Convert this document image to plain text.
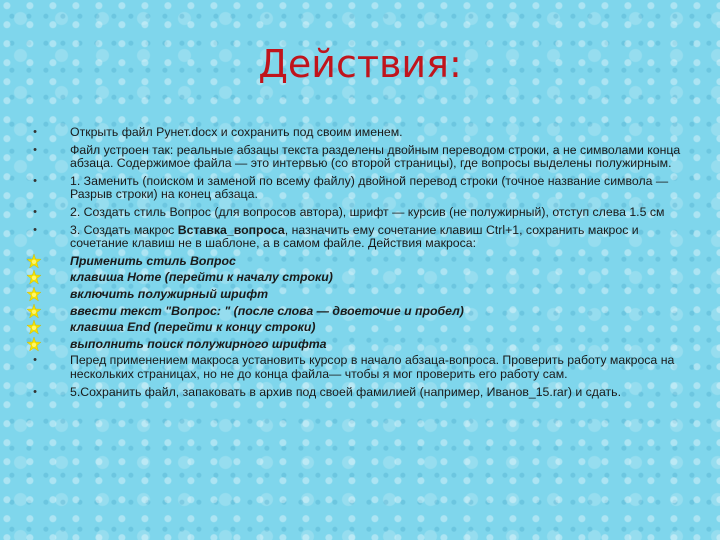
Действия:
•	Открыть файл Рунет.docx и сохранить под своим именем.
•	Файл устроен так: реальные абзацы текста разделены двойным переводом строки, а не символами конца абзаца. Содержимое файла — это интервью (со второй страницы), где вопросы выделены полужирным.
•	1. Заменить (поиском и заменой по всему файлу) двойной перевод строки (точное название символа — Разрыв строки) на конец абзаца.
•	2. Создать стиль Вопрос (для вопросов автора), шрифт — курсив (не полужирный), отступ слева 1.5 см
•	3. Создать макрос Вставка_вопроса, назначить ему сочетание клавиш Ctrl+1, сохранить макрос и сочетание клавиш не в шаблоне, а в самом файле. Действия макроса:
Применить стиль Вопрос
клавиша Home (перейти к началу строки)
включить полужирный шрифт
ввести текст "Вопрос: " (после слова — двоеточие и пробел)
клавиша End (перейти к концу строки)
выполнить поиск полужирного шрифта
•	Перед применением макроса установить курсор в начало абзаца-вопроса. Проверить работу макроса на нескольких страницах, но не до конца файла— чтобы я мог проверить его работу сам.
•	5.Сохранить файл, запаковать в архив под своей фамилией (например, Иванов_15.rar) и сдать.
